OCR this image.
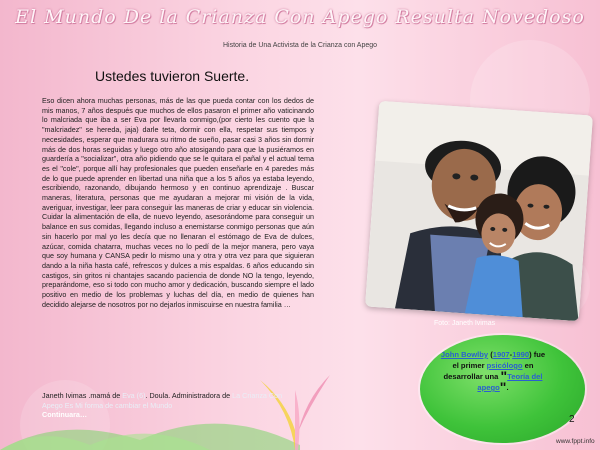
El Mundo De la Crianza Con Apego Resulta Novedoso
Historia de Una Activista de la Crianza con Apego
Ustedes tuvieron Suerte.
Eso dicen ahora muchas personas, más de las que pueda contar con los dedos de mis manos, 7 años después que muchos de ellos pasaron el primer año vaticinando lo malcriada que iba a ser Eva por llevarla conmigo,(por cierto les cuento que la "malcriadez" se hereda, jaja) darle teta, dormir con ella, respetar sus tiempos y necesidades, esperar que madurara su ritmo de sueño, pasar casi 3 años sin dormir más de dos horas seguidas y luego otro año atosigando para que la pusiéramos en guardería a "socializar", otra año pidiendo que se le quitara el pañal y el actual tema es el "cole", porque allí hay profesionales que pueden enseñarle en 4 paredes más de lo que puede aprender en libertad una niña que a los 5 años ya estaba leyendo, escribiendo, razonando, dibujando hermoso y en continuo aprendizaje . Buscar maneras, literatura, personas que me ayudaran a mejorar mi visión de la vida, averiguar, investigar, leer para conseguir las maneras de criar y educar sin violencia. Cuidar la alimentación de ella, de nuevo leyendo, asesorándome para conseguir un balance en sus comidas, llegando incluso a enemistarse conmigo personas que aún sin hacerlo por mal yo les decía que no llenaran el estómago de Eva de dulces, azúcar, comida chatarra, muchas veces no lo pedí de la mejor manera, pero vaya que soy humana y CANSA pedir lo mismo una y otra y otra vez para que siguieran dando a la niña hasta café, refrescos y dulces a mis espaldas. 6 años educando sin castigos, sin gritos ni chantajes sacando paciencia de donde NO la tengo, leyendo, preparándome, eso si todo con mucho amor y dedicación, buscando siempre el lado positivo en medio de los problemas y luchas del día, en medio de quienes han decidido alejarse de nosotros por no dejarlos inmiscuirse en nuestra familia …
Janeth Ivimas .mamá de Eva (6). Doula. Administradora de La Crianza Con Apego Es Mi forma de cambiar el Mundo
Continuara…
Foto: Janeth Ivimas
John Bowlby (1907-1990) fue el primer psicólogo en desarrollar una "Teoría del apego".
2
www.fppt.info
